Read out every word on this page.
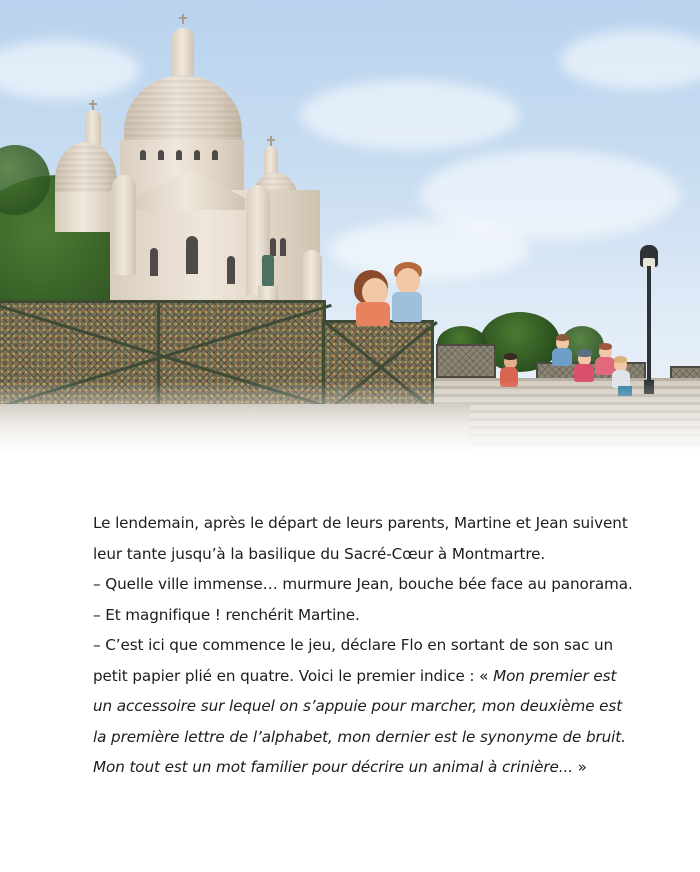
Le lendemain, après le départ de leurs parents, Martine et Jean suivent
leur tante jusqu’à la basilique du Sacré-Cœur à Montmartre.
– Quelle ville immense… murmure Jean, bouche bée face au panorama.
– Et magnifique ! renchérit Martine.
– C’est ici que commence le jeu, déclare Flo en sortant de son sac un
petit papier plié en quatre. Voici le premier indice : « Mon premier est
un accessoire sur lequel on s’appuie pour marcher, mon deuxième est
la première lettre de l’alphabet, mon dernier est le synonyme de bruit.
Mon tout est un mot familier pour décrire un animal à crinière... »
